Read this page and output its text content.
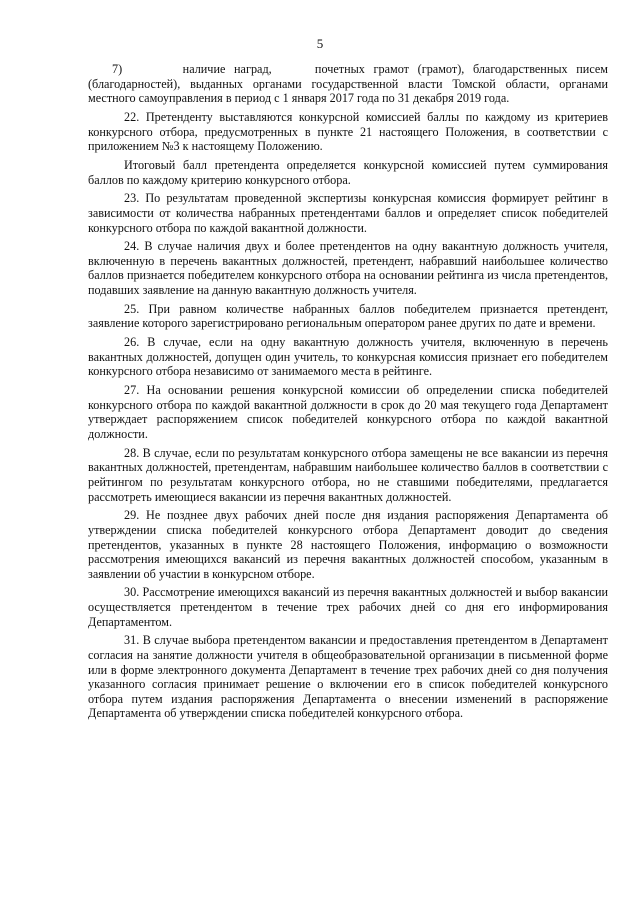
5

7)       наличие наград,     почетных грамот (грамот), благодарственных писем (благодарностей), выданных органами государственной власти Томской области, органами местного самоуправления в период с 1 января 2017 года по 31 декабря 2019 года.

22. Претенденту выставляются конкурсной комиссией баллы по каждому из критериев конкурсного отбора, предусмотренных в пункте 21 настоящего Положения, в соответствии с приложением №3 к настоящему Положению.

Итоговый балл претендента определяется конкурсной комиссией путем суммирования баллов по каждому критерию конкурсного отбора.

23. По результатам проведенной экспертизы конкурсная комиссия формирует рейтинг в зависимости от количества набранных претендентами баллов и определяет список победителей конкурсного отбора по каждой вакантной должности.

24. В случае наличия двух и более претендентов на одну вакантную должность учителя, включенную в перечень вакантных должностей, претендент, набравший наибольшее количество баллов признается победителем конкурсного отбора на основании рейтинга из числа претендентов, подавших заявление на данную вакантную должность учителя.

25. При равном количестве набранных баллов победителем признается претендент, заявление которого зарегистрировано региональным оператором ранее других по дате и времени.

26. В случае, если на одну вакантную должность учителя, включенную в перечень вакантных должностей, допущен один учитель, то конкурсная комиссия признает его победителем конкурсного отбора независимо от занимаемого места в рейтинге.

27. На основании решения конкурсной комиссии об определении списка победителей конкурсного отбора по каждой вакантной должности в срок до 20 мая текущего года Департамент утверждает распоряжением список победителей конкурсного отбора по каждой вакантной должности.

28. В случае, если по результатам конкурсного отбора замещены не все вакансии из перечня вакантных должностей, претендентам, набравшим наибольшее количество баллов в соответствии с рейтингом по результатам конкурсного отбора, но не ставшими победителями, предлагается рассмотреть имеющиеся вакансии из перечня вакантных должностей.

29. Не позднее двух рабочих дней после дня издания распоряжения Департамента об утверждении списка победителей конкурсного отбора Департамент доводит до сведения претендентов, указанных в пункте 28 настоящего Положения, информацию о возможности рассмотрения имеющихся вакансий из перечня вакантных должностей способом, указанным в заявлении об участии в конкурсном отборе.

30. Рассмотрение имеющихся вакансий из перечня вакантных должностей и выбор вакансии осуществляется претендентом в течение трех рабочих дней со дня его информирования Департаментом.

31. В случае выбора претендентом вакансии и предоставления претендентом в Департамент согласия на занятие должности учителя в общеобразовательной организации в письменной форме или в форме электронного документа Департамент в течение трех рабочих дней со дня получения указанного согласия принимает решение о включении его в список победителей конкурсного отбора путем издания распоряжения Департамента о внесении изменений в распоряжение Департамента об утверждении списка победителей конкурсного отбора.
